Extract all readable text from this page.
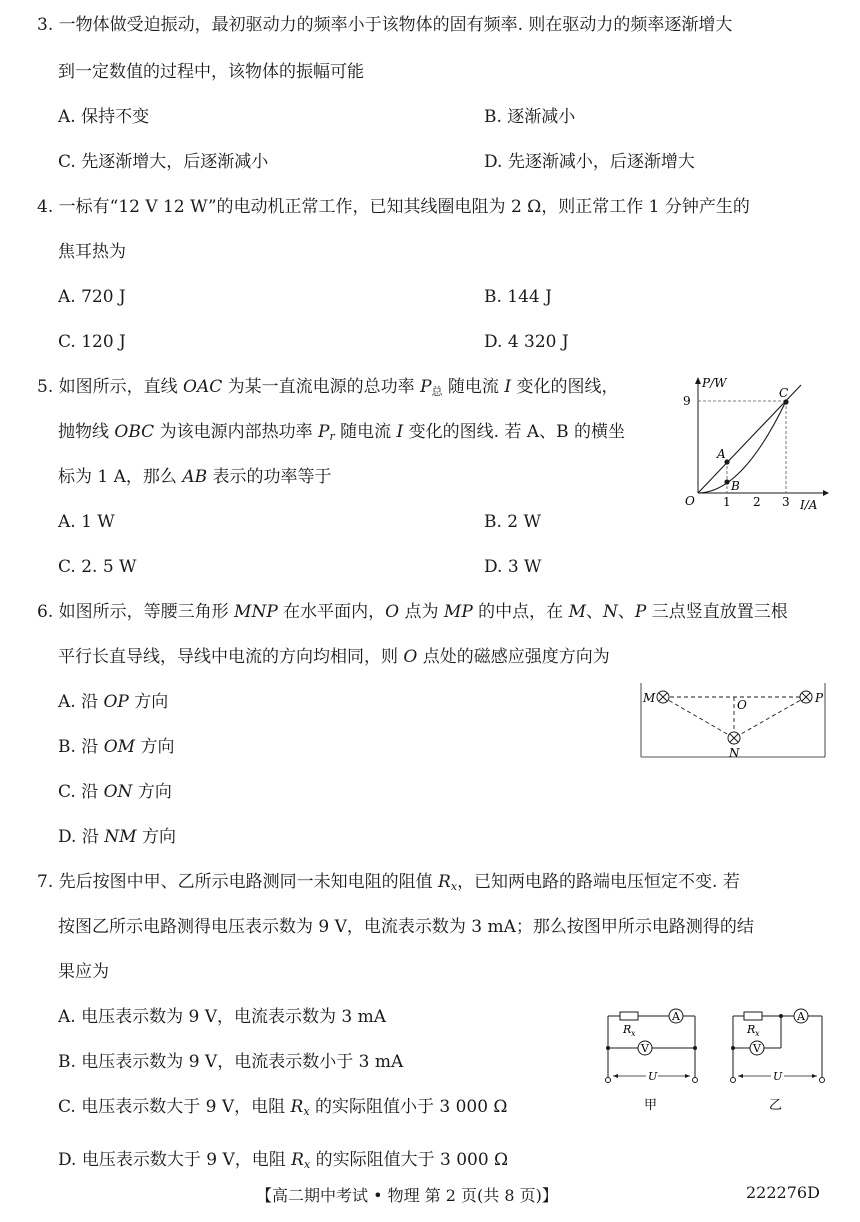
3. 一物体做受迫振动，最初驱动力的频率小于该物体的固有频率. 则在驱动力的频率逐渐增大
到一定数值的过程中，该物体的振幅可能
A. 保持不变	B. 逐渐减小
C. 先逐渐增大，后逐渐减小	D. 先逐渐减小，后逐渐增大
4. 一标有“12 V 12 W”的电动机正常工作，已知其线圈电阻为 2 Ω，则正常工作 1 分钟产生的
焦耳热为
A. 720 J	B. 144 J
C. 120 J	D. 4 320 J
5. 如图所示，直线 OAC 为某一直流电源的总功率 $P_总$ 随电流 I 变化的图线，
抛物线 OBC 为该电源内部热功率 $P_r$ 随电流 I 变化的图线. 若 A、B 的横坐
标为 1 A，那么 AB 表示的功率等于
A. 1 W	B. 2 W
C. 2. 5 W	D. 3 W
P/W
9
O 1 2 3 I/A
A
B
C
6. 如图所示，等腰三角形 MNP 在水平面内，O 点为 MP 的中点，在 M、N、P 三点竖直放置三根
平行长直导线，导线中电流的方向均相同，则 O 点处的磁感应强度方向为
A. 沿 OP 方向
B. 沿 OM 方向
C. 沿 ON 方向
D. 沿 NM 方向
M	P
N
O
7. 先后按图中甲、乙所示电路测同一未知电阻的阻值 $R_x$，已知两电路的路端电压恒定不变. 若
按图乙所示电路测得电压表示数为 9 V，电流表示数为 3 mA；那么按图甲所示电路测得的结
果应为
A. 电压表示数为 9 V，电流表示数为 3 mA
B. 电压表示数为 9 V，电流表示数小于 3 mA
C. 电压表示数大于 9 V，电阻 $R_x$ 的实际阻值小于 3 000 Ω
D. 电压表示数大于 9 V，电阻 $R_x$ 的实际阻值大于 3 000 Ω
A
R x
V
U
甲
A
R x
V
U
乙
【高二期中考试 • 物理 第 2 页(共 8 页)】	222276D
